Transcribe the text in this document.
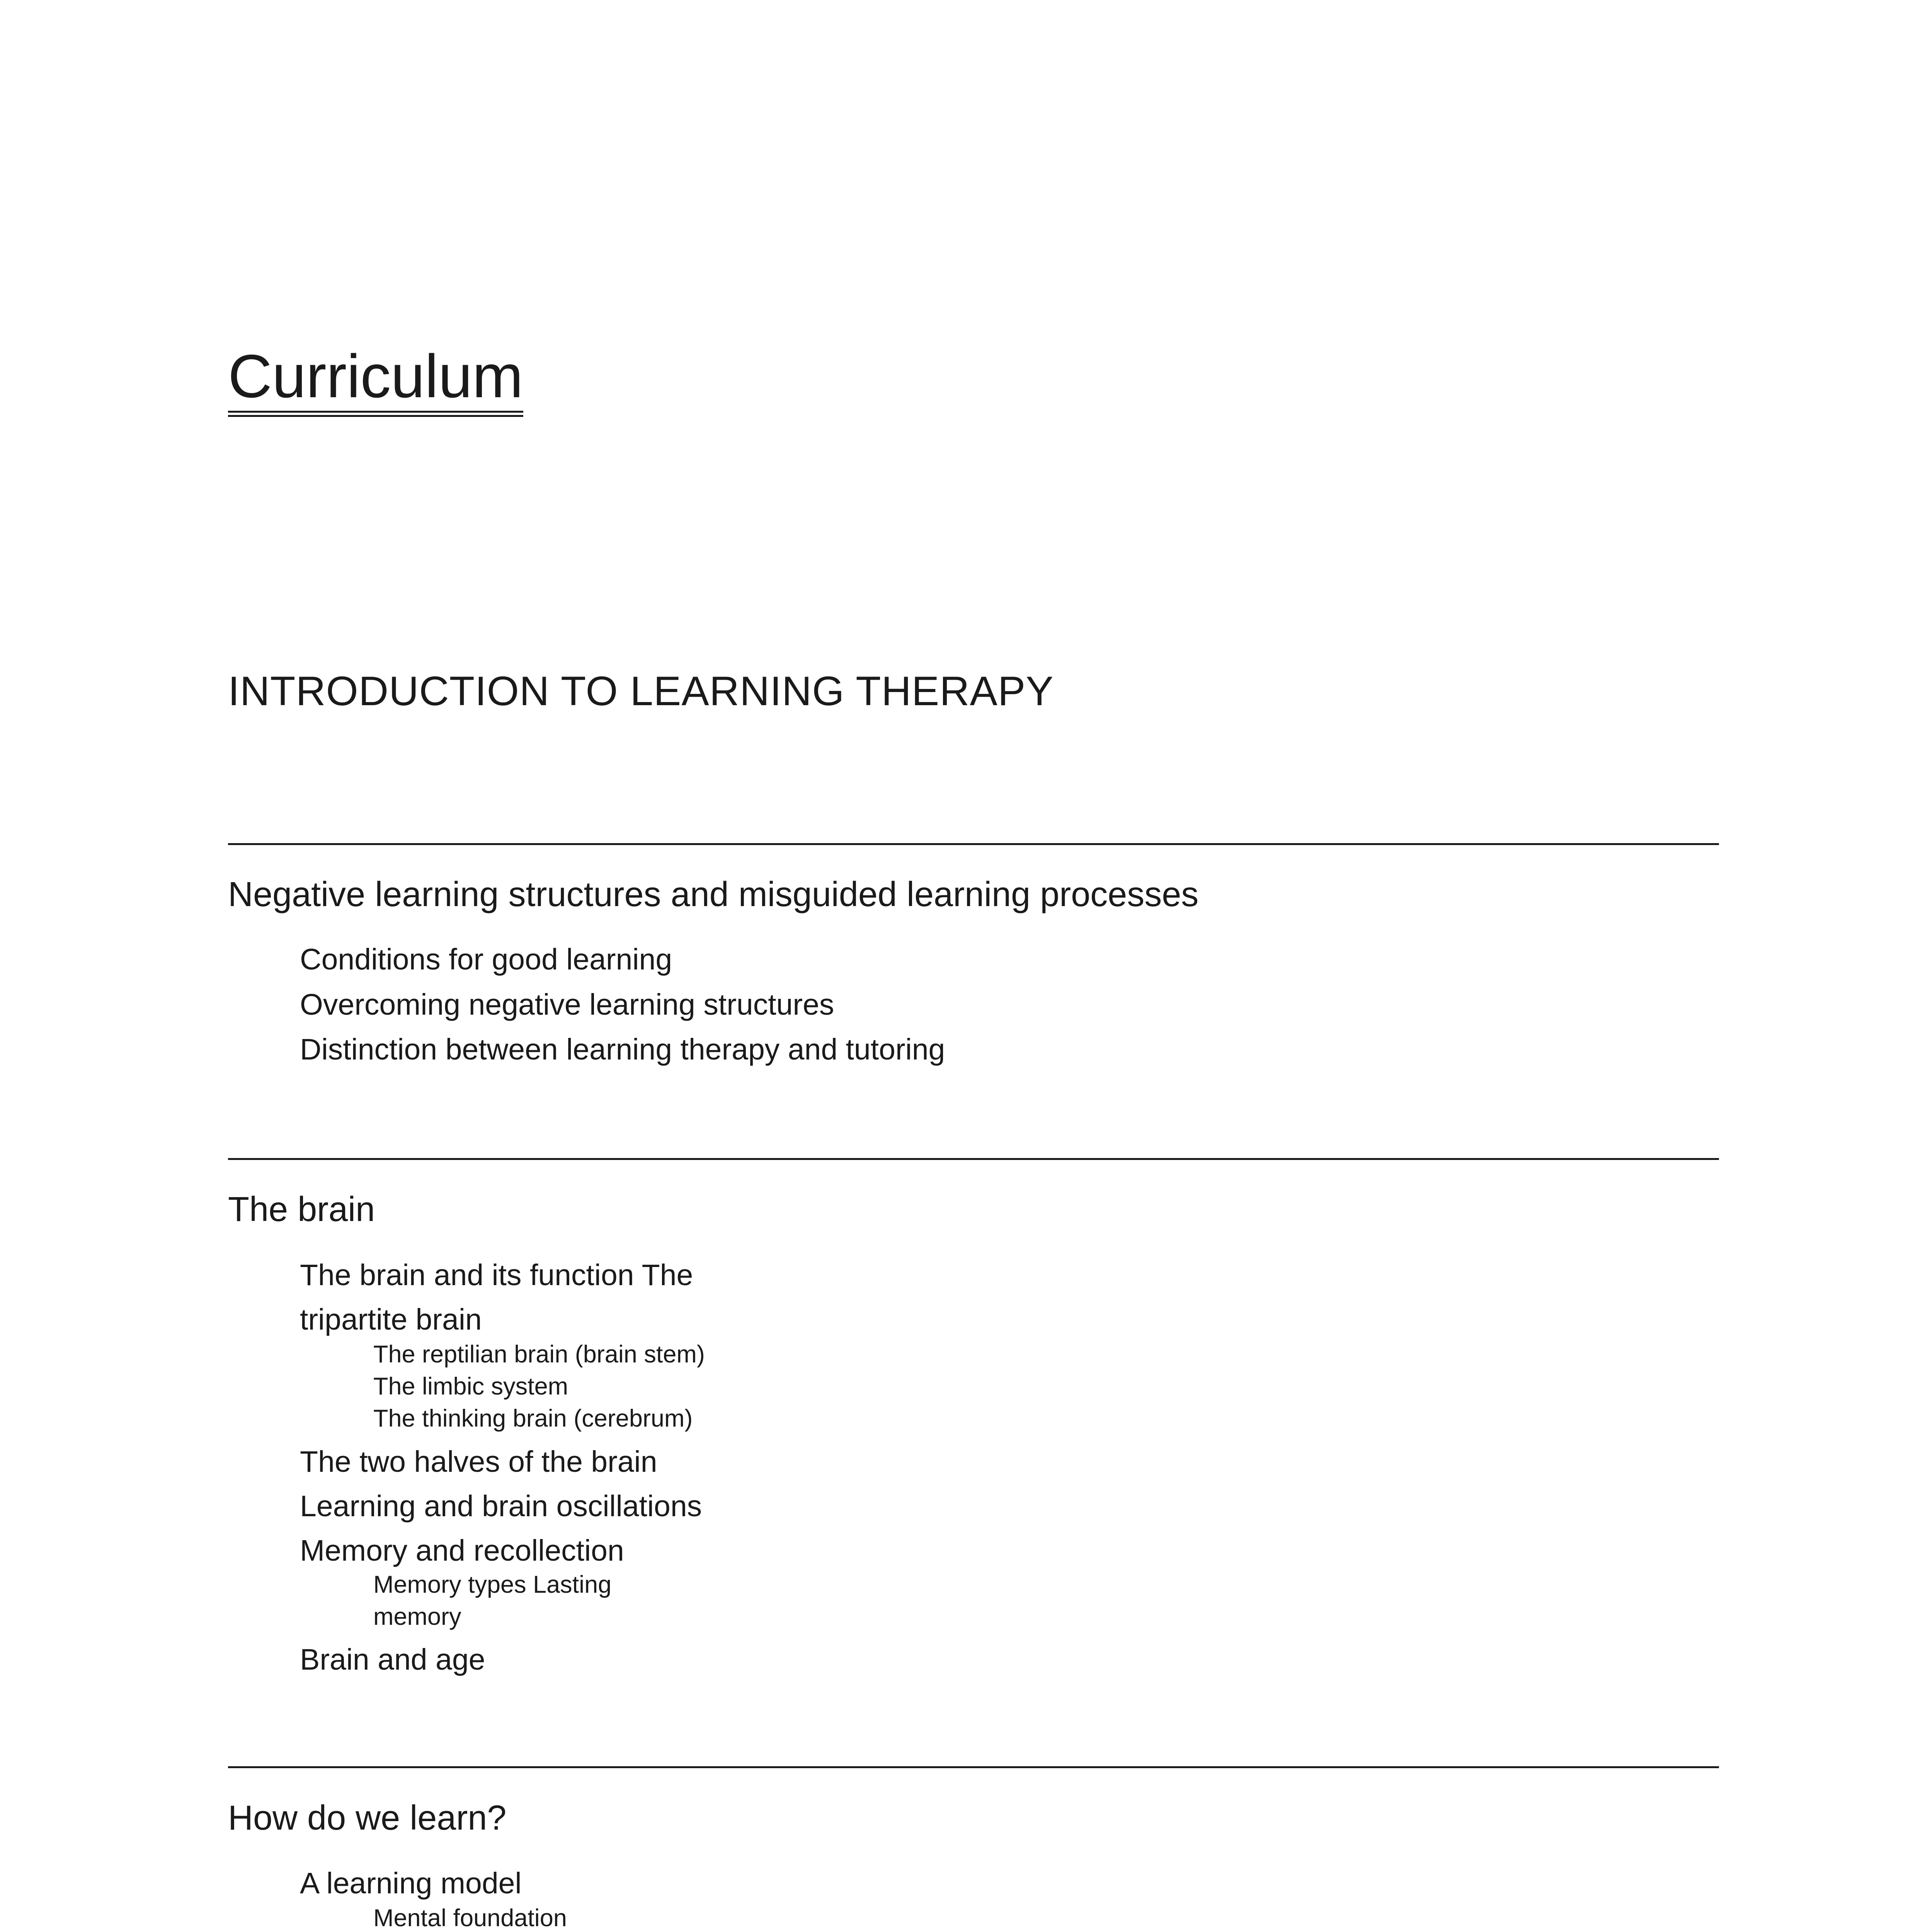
Curriculum
INTRODUCTION TO LEARNING THERAPY
Negative learning structures and misguided learning processes
Conditions for good learning
Overcoming negative learning structures
Distinction between learning therapy and tutoring
The brain
The brain and its function The
tripartite brain
The reptilian brain (brain stem)
The limbic system
The thinking brain (cerebrum)
The two halves of the brain
Learning and brain oscillations
Memory and recollection
Memory types Lasting
memory
Brain and age
How do we learn?
A learning model
Mental foundation
